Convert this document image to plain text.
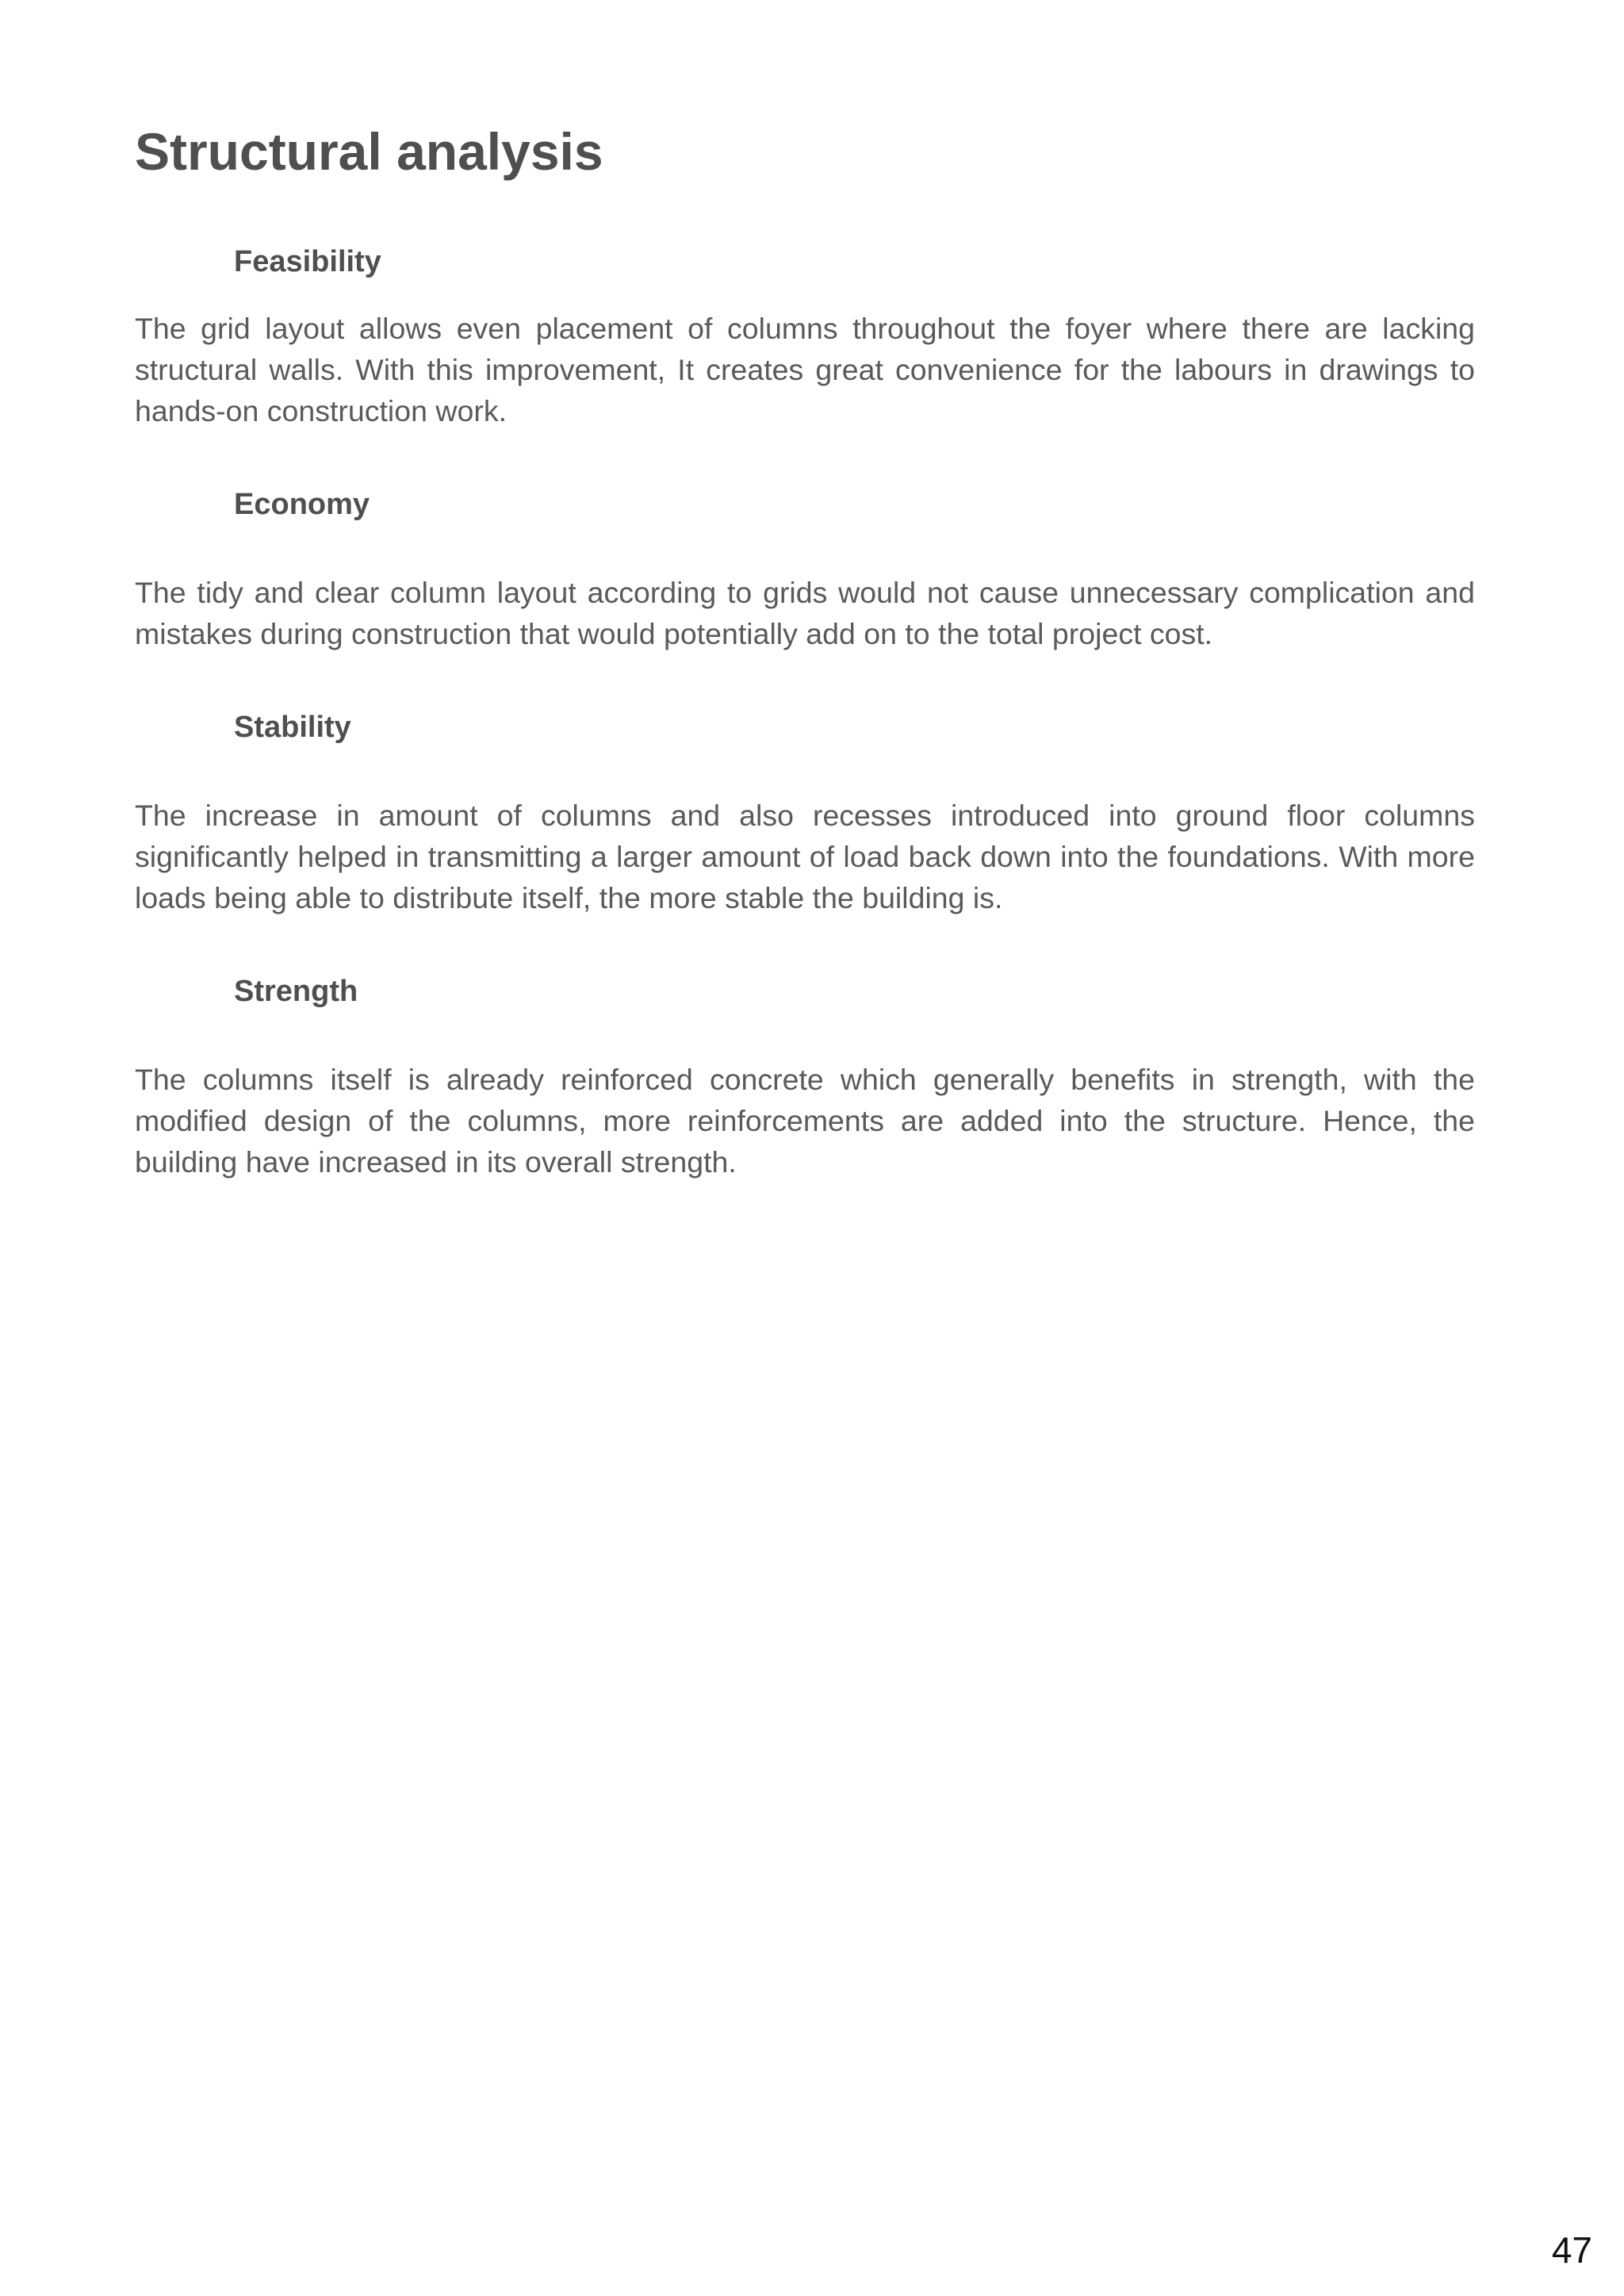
Structural analysis
Feasibility

The grid layout allows even placement of columns throughout the foyer where there are lacking structural walls. With this improvement, It creates great convenience for the labours in drawings to hands-on construction work.

Economy

The tidy and clear column layout according to grids would not cause unnecessary complication and mistakes during construction that would potentially add on to the total project cost.

Stability

The increase in amount of columns and also recesses introduced into ground floor columns significantly helped in transmitting a larger amount of load back down into the foundations. With more loads being able to distribute itself, the more stable the building is.

Strength

The columns itself is already reinforced concrete which generally benefits in strength, with the modified design of the columns, more reinforcements are added into the structure. Hence, the building have increased in its overall strength.

47
